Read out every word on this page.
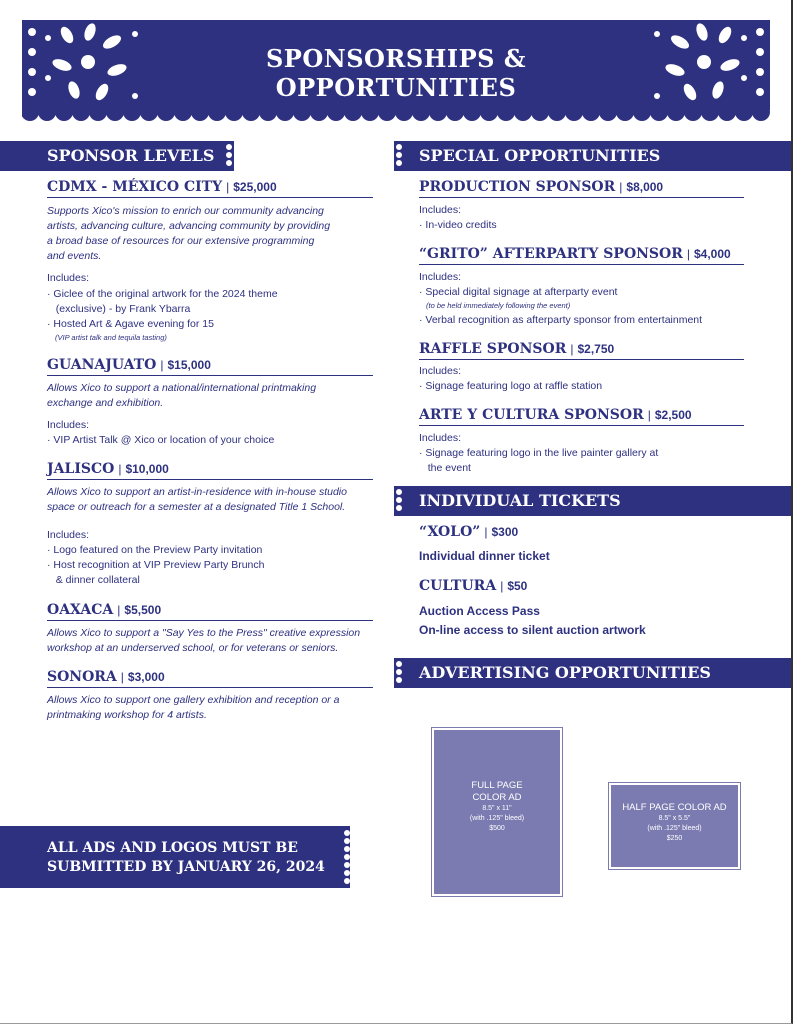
SPONSORSHIPS &
OPPORTUNITIES
SPONSOR LEVELS
CDMX - MÉXICO CITY | $25,000
Supports Xico's mission to enrich our community advancing
artists, advancing culture, advancing community by providing
a broad base of resources for our extensive programming
and events.
Includes:
· Giclee of the original artwork for the 2024 theme
(exclusive) - by Frank Ybarra
· Hosted Art & Agave evening for 15
(VIP artist talk and tequila tasting)
GUANAJUATO | $15,000
Allows Xico to support a national/international printmaking
exchange and exhibition.
Includes:
· VIP Artist Talk @ Xico or location of your choice
JALISCO | $10,000
Allows Xico to support an artist-in-residence with in-house studio
space or outreach for a semester at a designated Title 1 School.
Includes:
· Logo featured on the Preview Party invitation
· Host recognition at VIP Preview Party Brunch
& dinner collateral
OAXACA | $5,500
Allows Xico to support a "Say Yes to the Press" creative expression
workshop at an underserved school, or for veterans or seniors.
SONORA | $3,000
Allows Xico to support one gallery exhibition and reception or a
printmaking workshop for 4 artists.
ALL ADS AND LOGOS MUST BE
SUBMITTED BY JANUARY 26, 2024
SPECIAL OPPORTUNITIES
PRODUCTION SPONSOR | $8,000
Includes:
· In-video credits
“GRITO” AFTERPARTY SPONSOR | $4,000
Includes:
· Special digital signage at afterparty event
(to be held immediately following the event)
· Verbal recognition as afterparty sponsor from entertainment
RAFFLE SPONSOR | $2,750
Includes:
· Signage featuring logo at raffle station
ARTE Y CULTURA SPONSOR | $2,500
Includes:
· Signage featuring logo in the live painter gallery at
the event
INDIVIDUAL TICKETS
“XOLO” | $300
Individual dinner ticket
CULTURA | $50
Auction Access Pass
On-line access to silent auction artwork
ADVERTISING OPPORTUNITIES
FULL PAGE
COLOR AD
8.5" x 11"
(with .125" bleed)
$500
HALF PAGE COLOR AD
8.5" x 5.5"
(with .125" bleed)
$250
